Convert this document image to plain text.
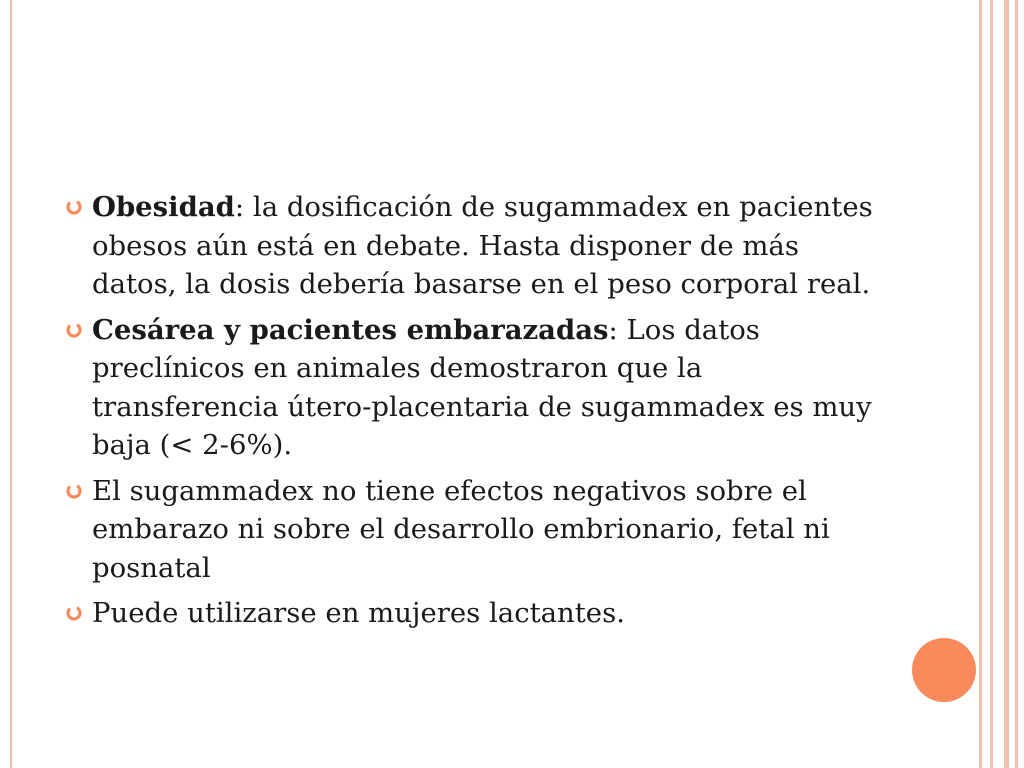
Obesidad: la dosificación de sugammadex en pacientes obesos aún está en debate. Hasta disponer de más datos, la dosis debería basarse en el peso corporal real.
Cesárea y pacientes embarazadas: Los datos preclínicos en animales demostraron que la transferencia útero-placentaria de sugammadex es muy baja (< 2-6%).
El sugammadex no tiene efectos negativos sobre el embarazo ni sobre el desarrollo embrionario, fetal ni posnatal
Puede utilizarse en mujeres lactantes.
